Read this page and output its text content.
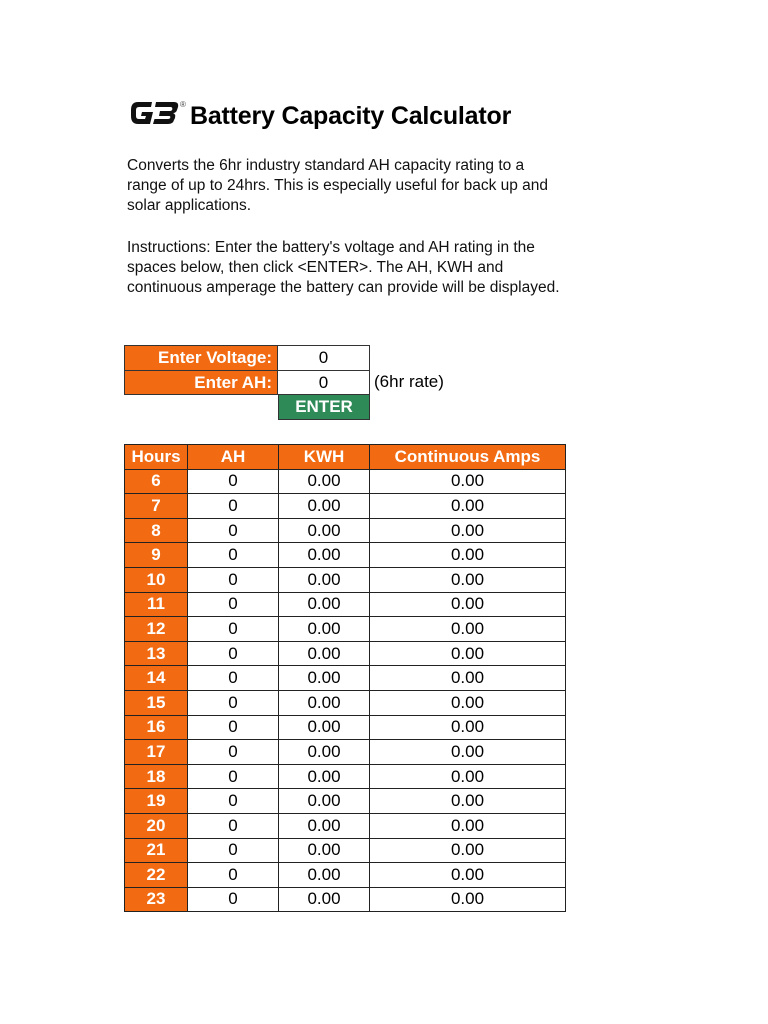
® Battery Capacity Calculator
Converts the 6hr industry standard AH capacity rating to a range of up to 24hrs. This is especially useful for back up and solar applications.
Instructions: Enter the battery's voltage and AH rating in the spaces below, then click <ENTER>. The AH, KWH and continuous amperage the battery can provide will be displayed.
Enter Voltage:	0
Enter AH:	0	(6hr rate)
ENTER
Hours	AH	KWH	Continuous Amps
6	0	0.00	0.00
7	0	0.00	0.00
8	0	0.00	0.00
9	0	0.00	0.00
10	0	0.00	0.00
11	0	0.00	0.00
12	0	0.00	0.00
13	0	0.00	0.00
14	0	0.00	0.00
15	0	0.00	0.00
16	0	0.00	0.00
17	0	0.00	0.00
18	0	0.00	0.00
19	0	0.00	0.00
20	0	0.00	0.00
21	0	0.00	0.00
22	0	0.00	0.00
23	0	0.00	0.00
